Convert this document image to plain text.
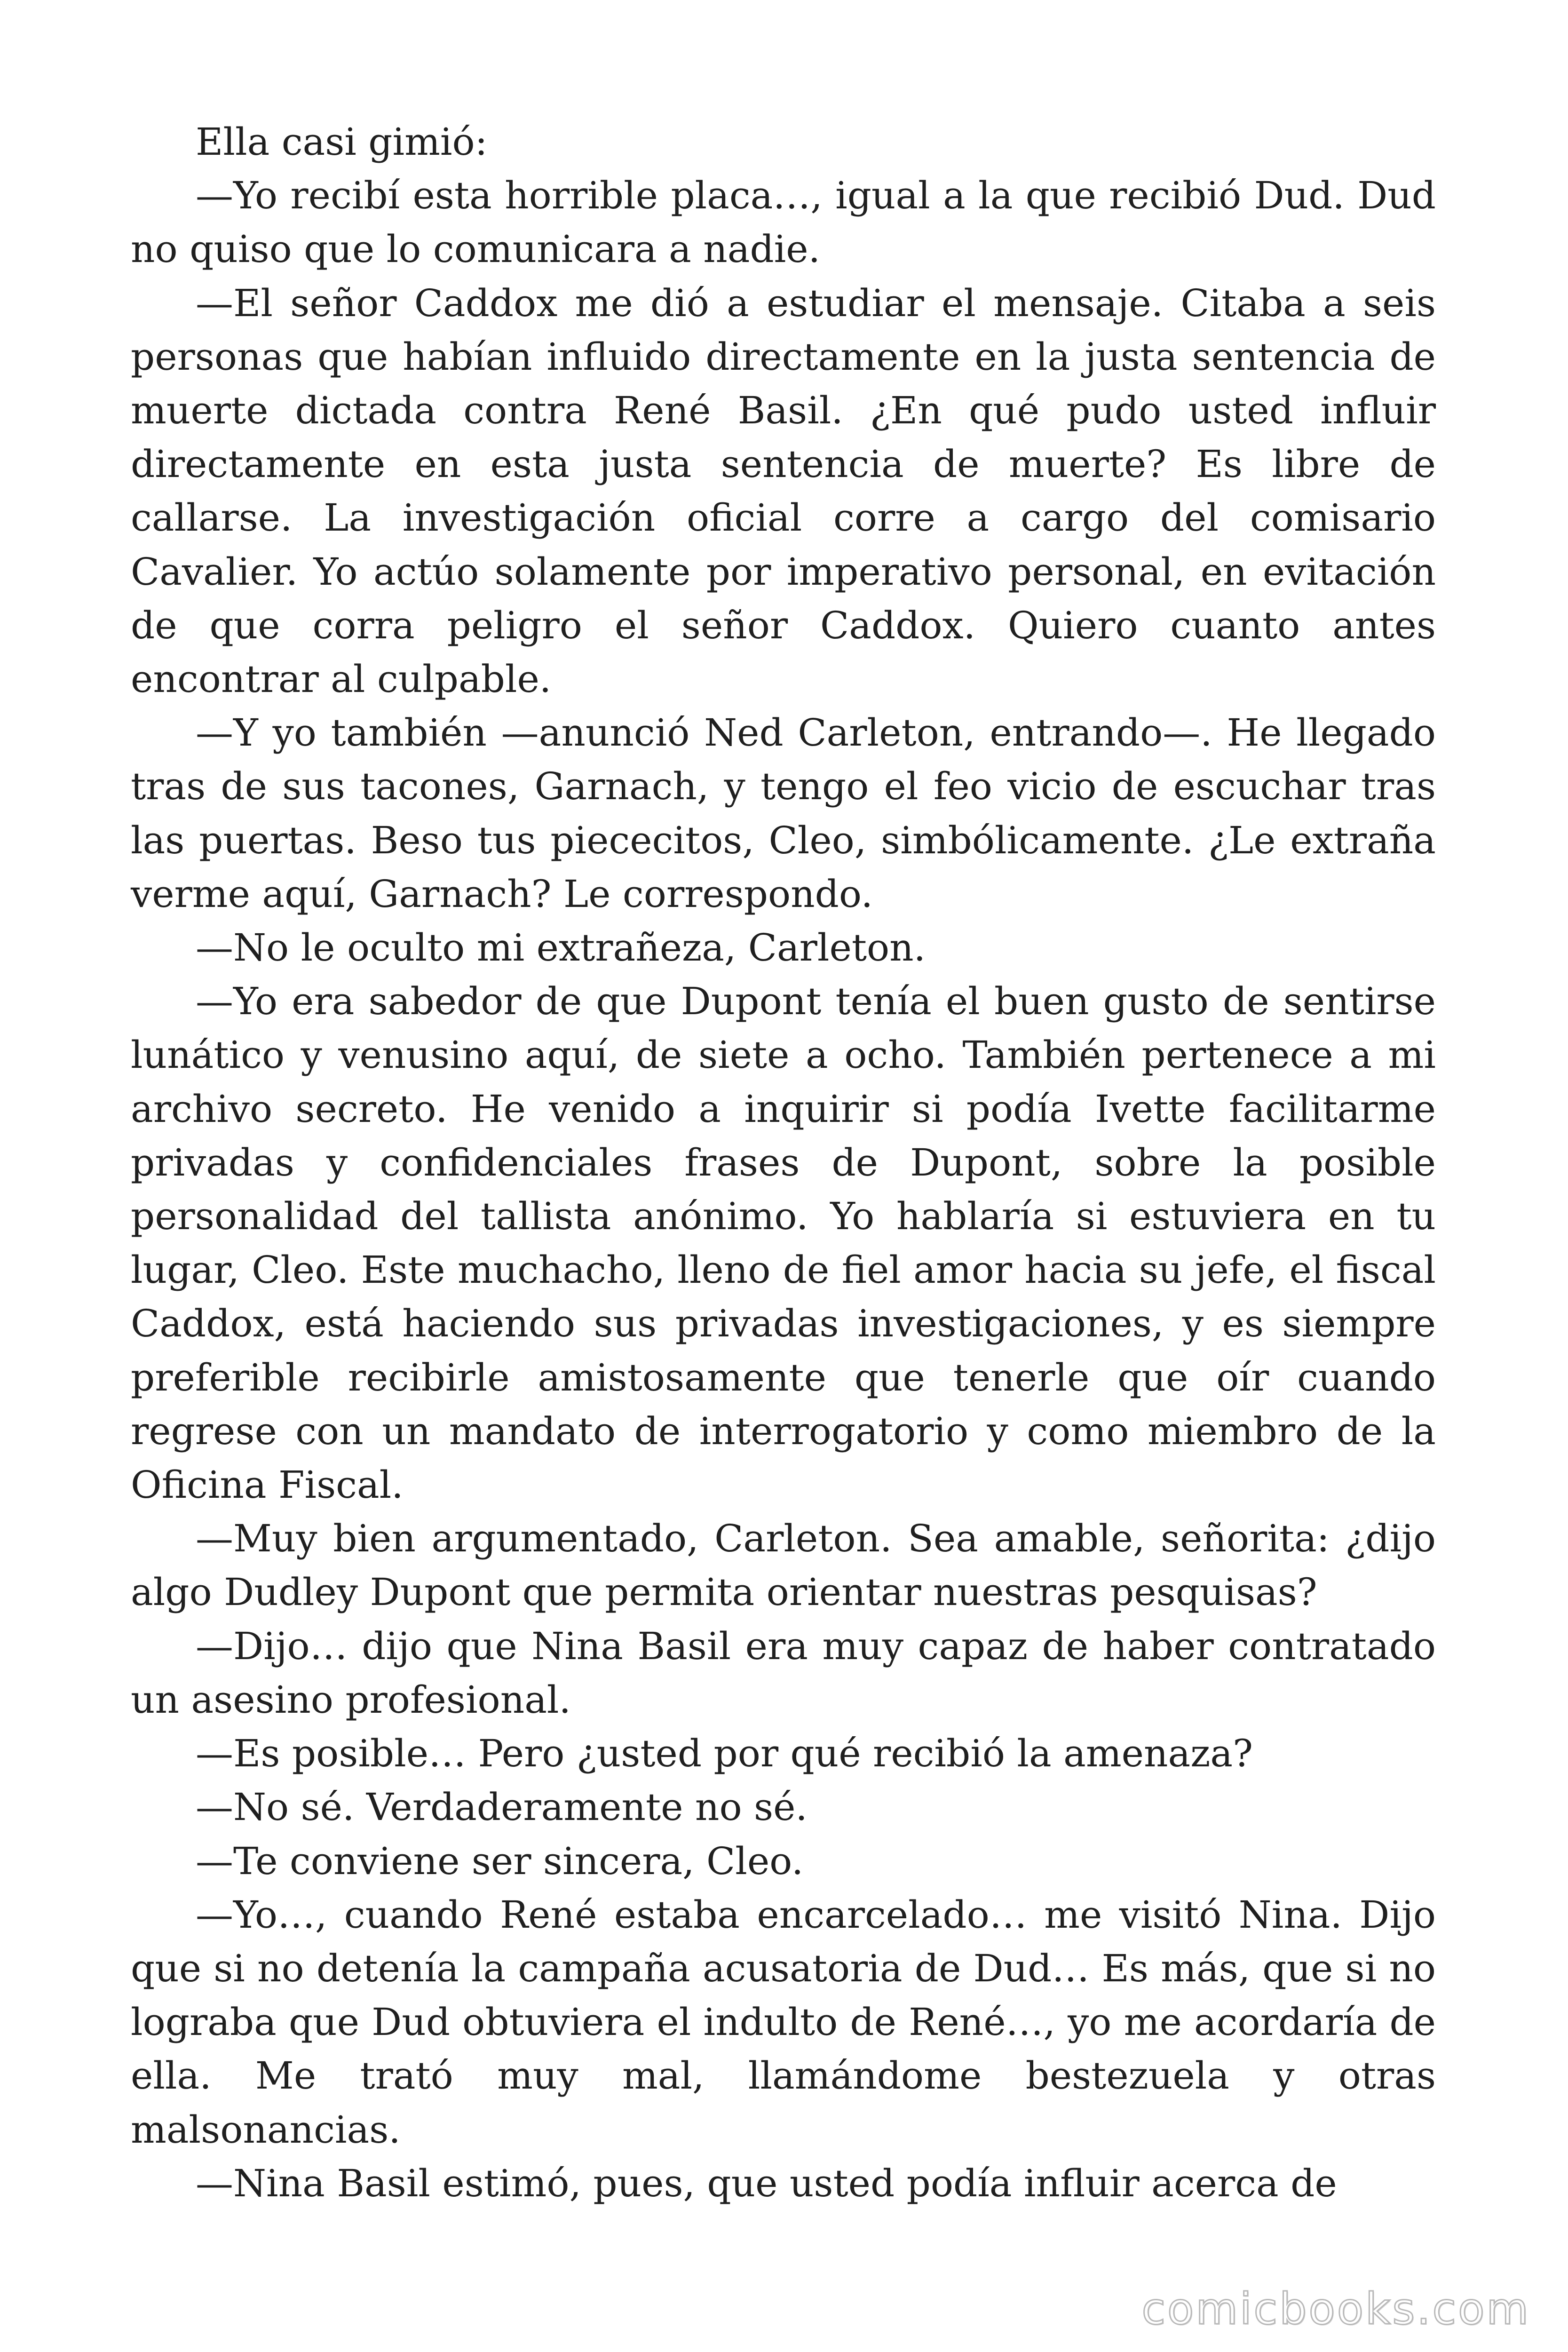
Ella casi gimió:

—Yo recibí esta horrible placa…, igual a la que recibió Dud. Dud no quiso que lo comunicara a nadie.

—El señor Caddox me dió a estudiar el mensaje. Citaba a seis personas que habían influido directamente en la justa sentencia de muerte dictada contra René Basil. ¿En qué pudo usted influir directamente en esta justa sentencia de muerte? Es libre de callarse. La investigación oficial corre a cargo del comisario Cavalier. Yo actúo solamente por imperativo personal, en evitación de que corra peligro el señor Caddox. Quiero cuanto antes encontrar al culpable.

—Y yo también —anunció Ned Carleton, entrando—. He llegado tras de sus tacones, Garnach, y tengo el feo vicio de escuchar tras las puertas. Beso tus piececitos, Cleo, simbólicamente. ¿Le extraña verme aquí, Garnach? Le correspondo.

—No le oculto mi extrañeza, Carleton.

—Yo era sabedor de que Dupont tenía el buen gusto de sentirse lunático y venusino aquí, de siete a ocho. También pertenece a mi archivo secreto. He venido a inquirir si podía Ivette facilitarme privadas y confidenciales frases de Dupont, sobre la posible personalidad del tallista anónimo. Yo hablaría si estuviera en tu lugar, Cleo. Este muchacho, lleno de fiel amor hacia su jefe, el fiscal Caddox, está haciendo sus privadas investigaciones, y es siempre preferible recibirle amistosamente que tenerle que oír cuando regrese con un mandato de interrogatorio y como miembro de la Oficina Fiscal.

—Muy bien argumentado, Carleton. Sea amable, señorita: ¿dijo algo Dudley Dupont que permita orientar nuestras pesquisas?

—Dijo… dijo que Nina Basil era muy capaz de haber contratado un asesino profesional.

—Es posible… Pero ¿usted por qué recibió la amenaza?

—No sé. Verdaderamente no sé.

—Te conviene ser sincera, Cleo.

—Yo…, cuando René estaba encarcelado… me visitó Nina. Dijo que si no detenía la campaña acusatoria de Dud… Es más, que si no lograba que Dud obtuviera el indulto de René…, yo me acordaría de ella. Me trató muy mal, llamándome bestezuela y otras malsonancias.

—Nina Basil estimó, pues, que usted podía influir acerca de

comicbooks.com
